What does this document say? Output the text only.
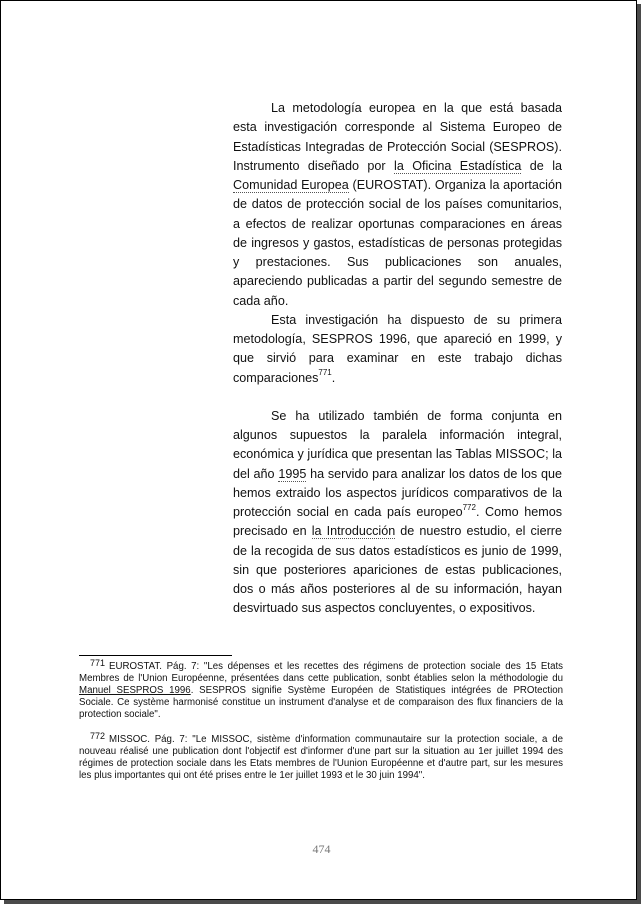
La metodología europea en la que está basada esta investigación corresponde al Sistema Europeo de Estadísticas Integradas de Protección Social (SESPROS). Instrumento diseñado por la Oficina Estadística de la Comunidad Europea (EUROSTAT). Organiza la aportación de datos de protección social de los países comunitarios, a efectos de realizar oportunas comparaciones en áreas de ingresos y gastos, estadísticas de personas protegidas y prestaciones. Sus publicaciones son anuales, apareciendo publicadas a partir del segundo semestre de cada año.

Esta investigación ha dispuesto de su primera metodología, SESPROS 1996, que apareció en 1999, y que sirvió para examinar en este trabajo dichas comparaciones$^{771}$.

Se ha utilizado también de forma conjunta en algunos supuestos la paralela información integral, económica y jurídica que presentan las Tablas MISSOC; la del año 1995 ha servido para analizar los datos de los que hemos extraido los aspectos jurídicos comparativos de la protección social en cada país europeo$^{772}$. Como hemos precisado en la Introducción de nuestro estudio, el cierre de la recogida de sus datos estadísticos es junio de 1999, sin que posteriores apariciones de estas publicaciones, dos o más años posteriores al de su información, hayan desvirtuado sus aspectos concluyentes, o expositivos.

771 EUROSTAT. Pág. 7: "Les dépenses et les recettes des régimens de protection sociale des 15 Etats Membres de l'Union Européenne, présentées dans cette publication, sonbt établies selon la méthodologie du Manuel SESPROS 1996. SESPROS signifie Système Européen de Statistiques intégrées de PROtection Sociale. Ce système harmonisé constitue un instrument d'analyse et de comparaison des flux financiers de la protection sociale".

772 MISSOC. Pág. 7: "Le MISSOC, sistème d'information communautaire sur la protection sociale, a de nouveau réalisé une publication dont l'objectif est d'informer d'une part sur la situation au 1er juillet 1994 des régimes de protection sociale dans les Etats membres de l'Uunion Européenne et d'autre part, sur les mesures les plus importantes qui ont été prises entre le 1er juillet 1993 et le 30 juin 1994".

474
